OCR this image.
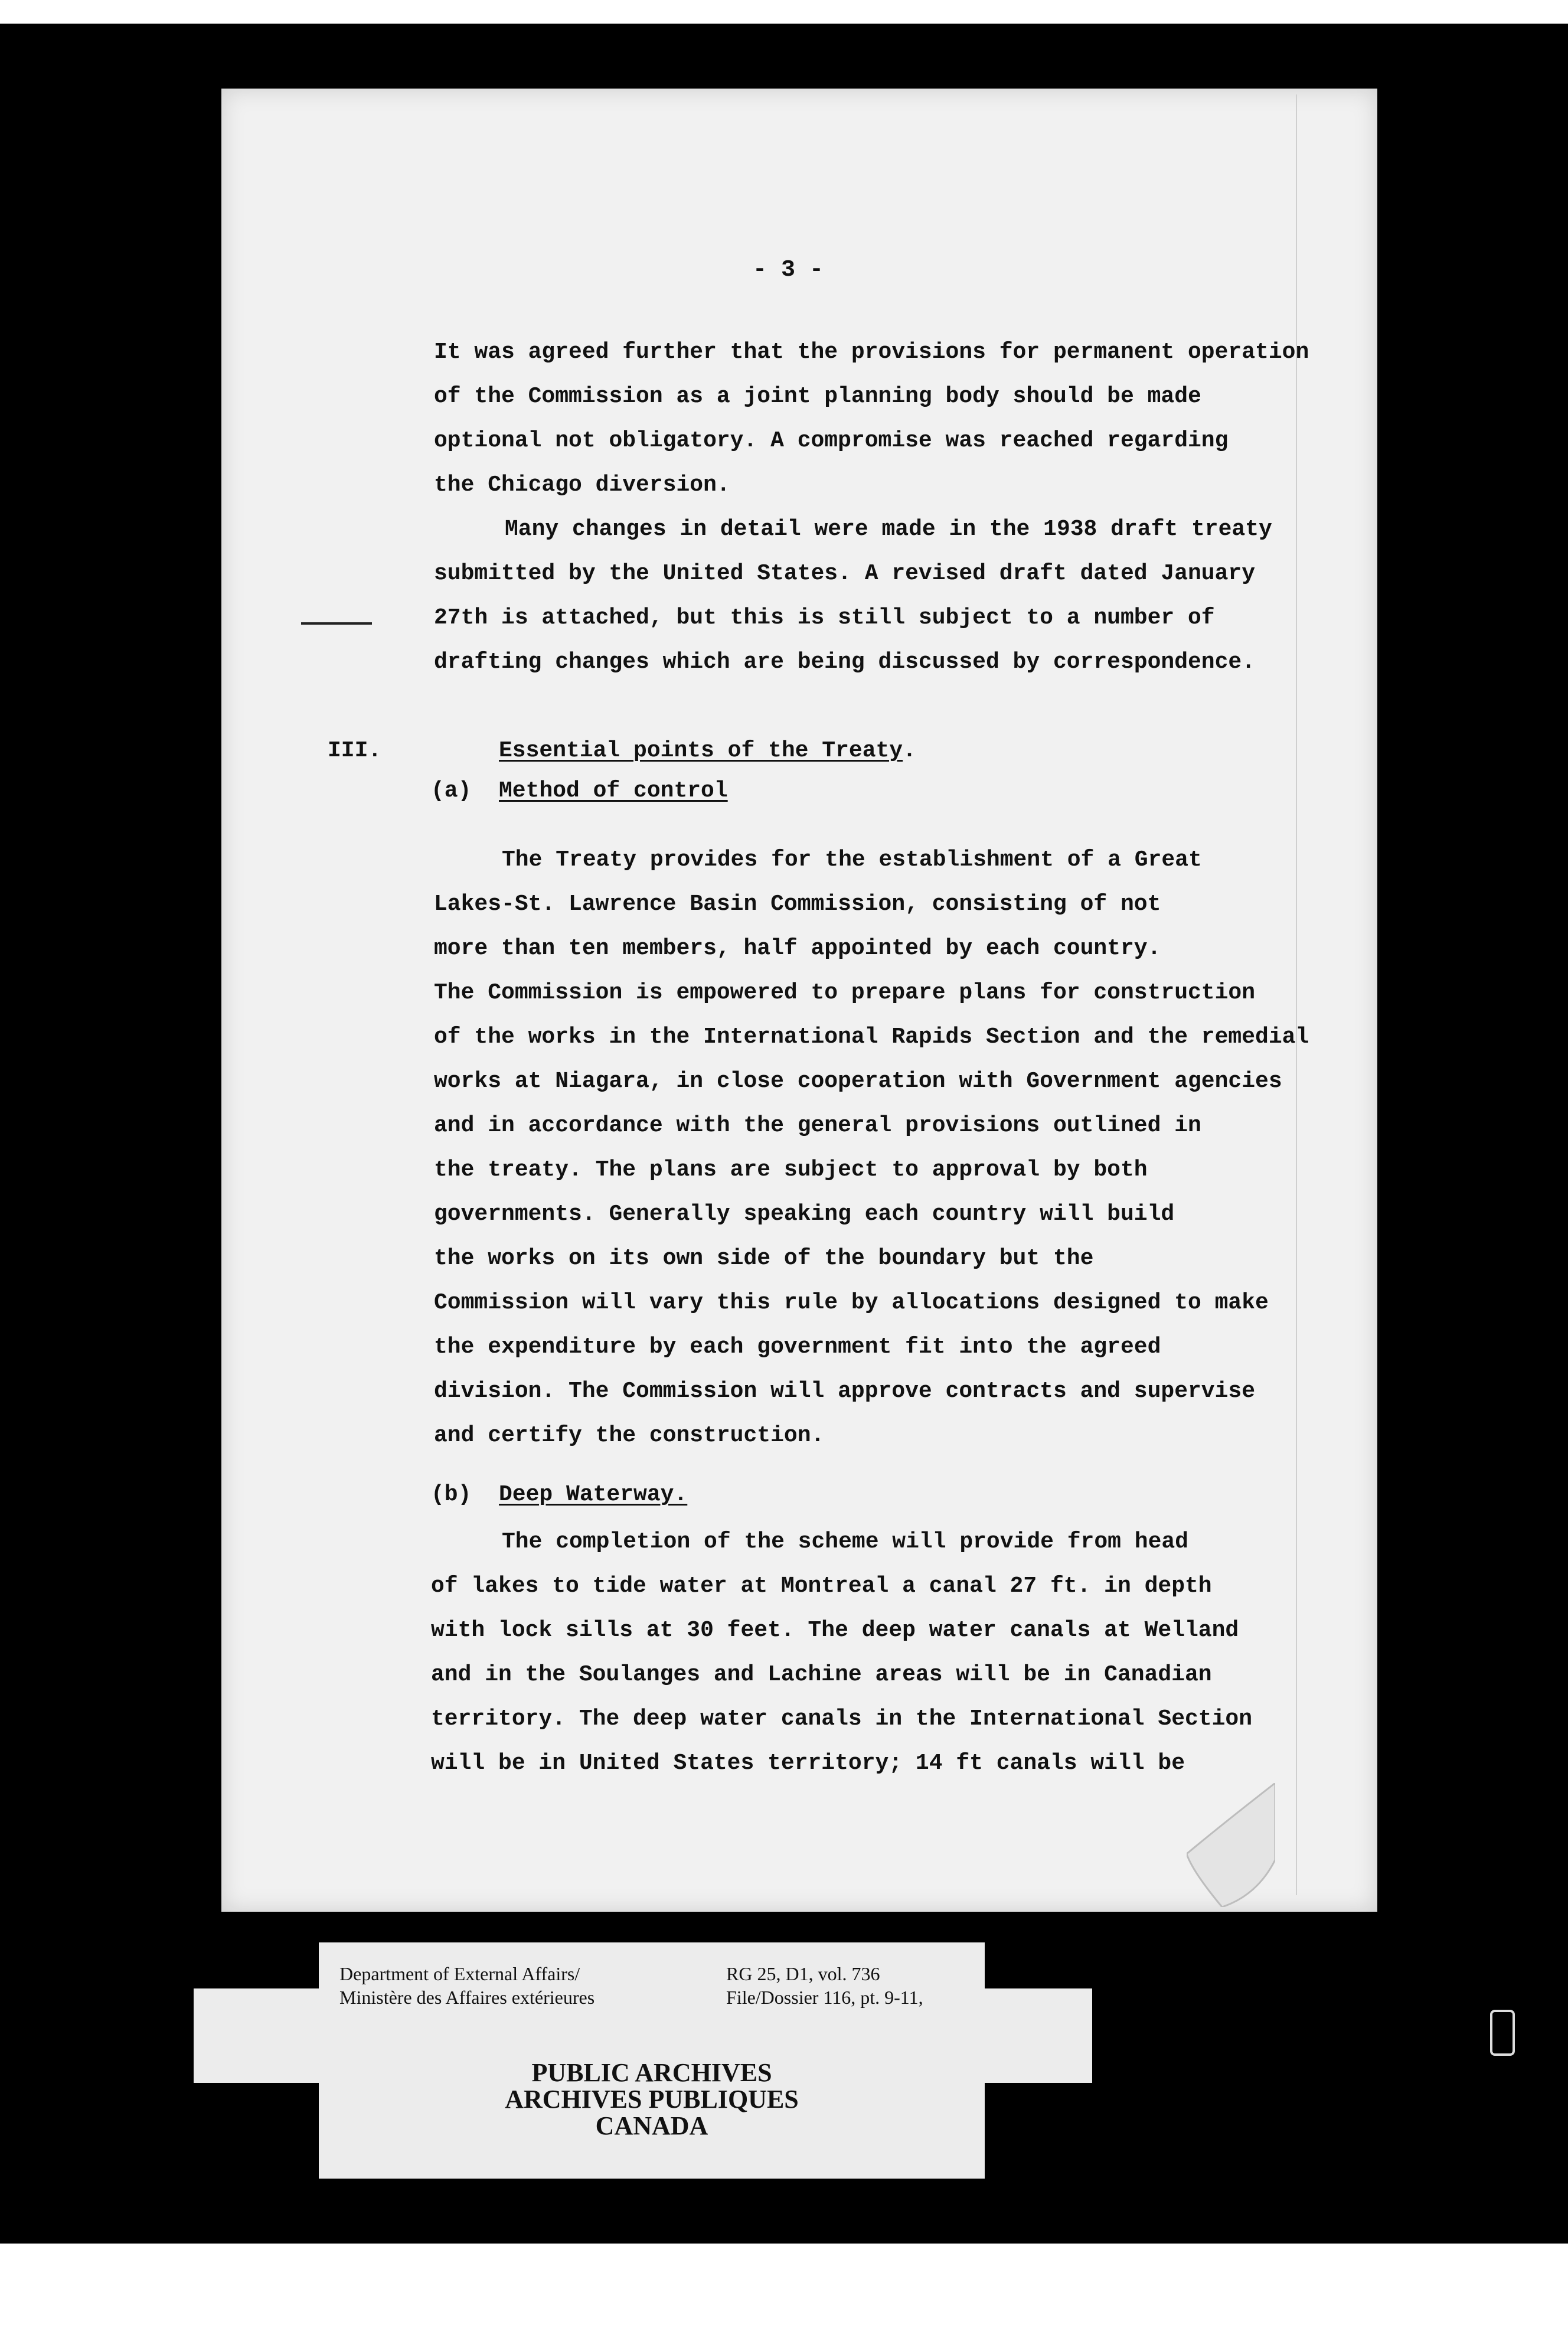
- 3 -
It was agreed further that the provisions for permanent operation
of the Commission as a joint planning body should be made
optional not obligatory. A compromise was reached regarding
the Chicago diversion.
Many changes in detail were made in the 1938 draft treaty
submitted by the United States. A revised draft dated January
27th is attached, but this is still subject to a number of
drafting changes which are being discussed by correspondence.
III.	Essential points of the Treaty.
(a) Method of control
The Treaty provides for the establishment of a Great
Lakes-St. Lawrence Basin Commission, consisting of not
more than ten members, half appointed by each country.
The Commission is empowered to prepare plans for construction
of the works in the International Rapids Section and the remedial
works at Niagara, in close cooperation with Government agencies
and in accordance with the general provisions outlined in
the treaty. The plans are subject to approval by both
governments. Generally speaking each country will build
the works on its own side of the boundary but the
Commission will vary this rule by allocations designed to make
the expenditure by each government fit into the agreed
division. The Commission will approve contracts and supervise
and certify the construction.
(b) Deep Waterway.
The completion of the scheme will provide from head
of lakes to tide water at Montreal a canal 27 ft. in depth
with lock sills at 30 feet. The deep water canals at Welland
and in the Soulanges and Lachine areas will be in Canadian
territory. The deep water canals in the International Section
will be in United States territory; 14 ft canals will be
Department of External Affairs/
Ministère des Affaires extérieures
RG 25, D1, vol. 736
File/Dossier 116, pt. 9-11,
PUBLIC ARCHIVES
ARCHIVES PUBLIQUES
CANADA
